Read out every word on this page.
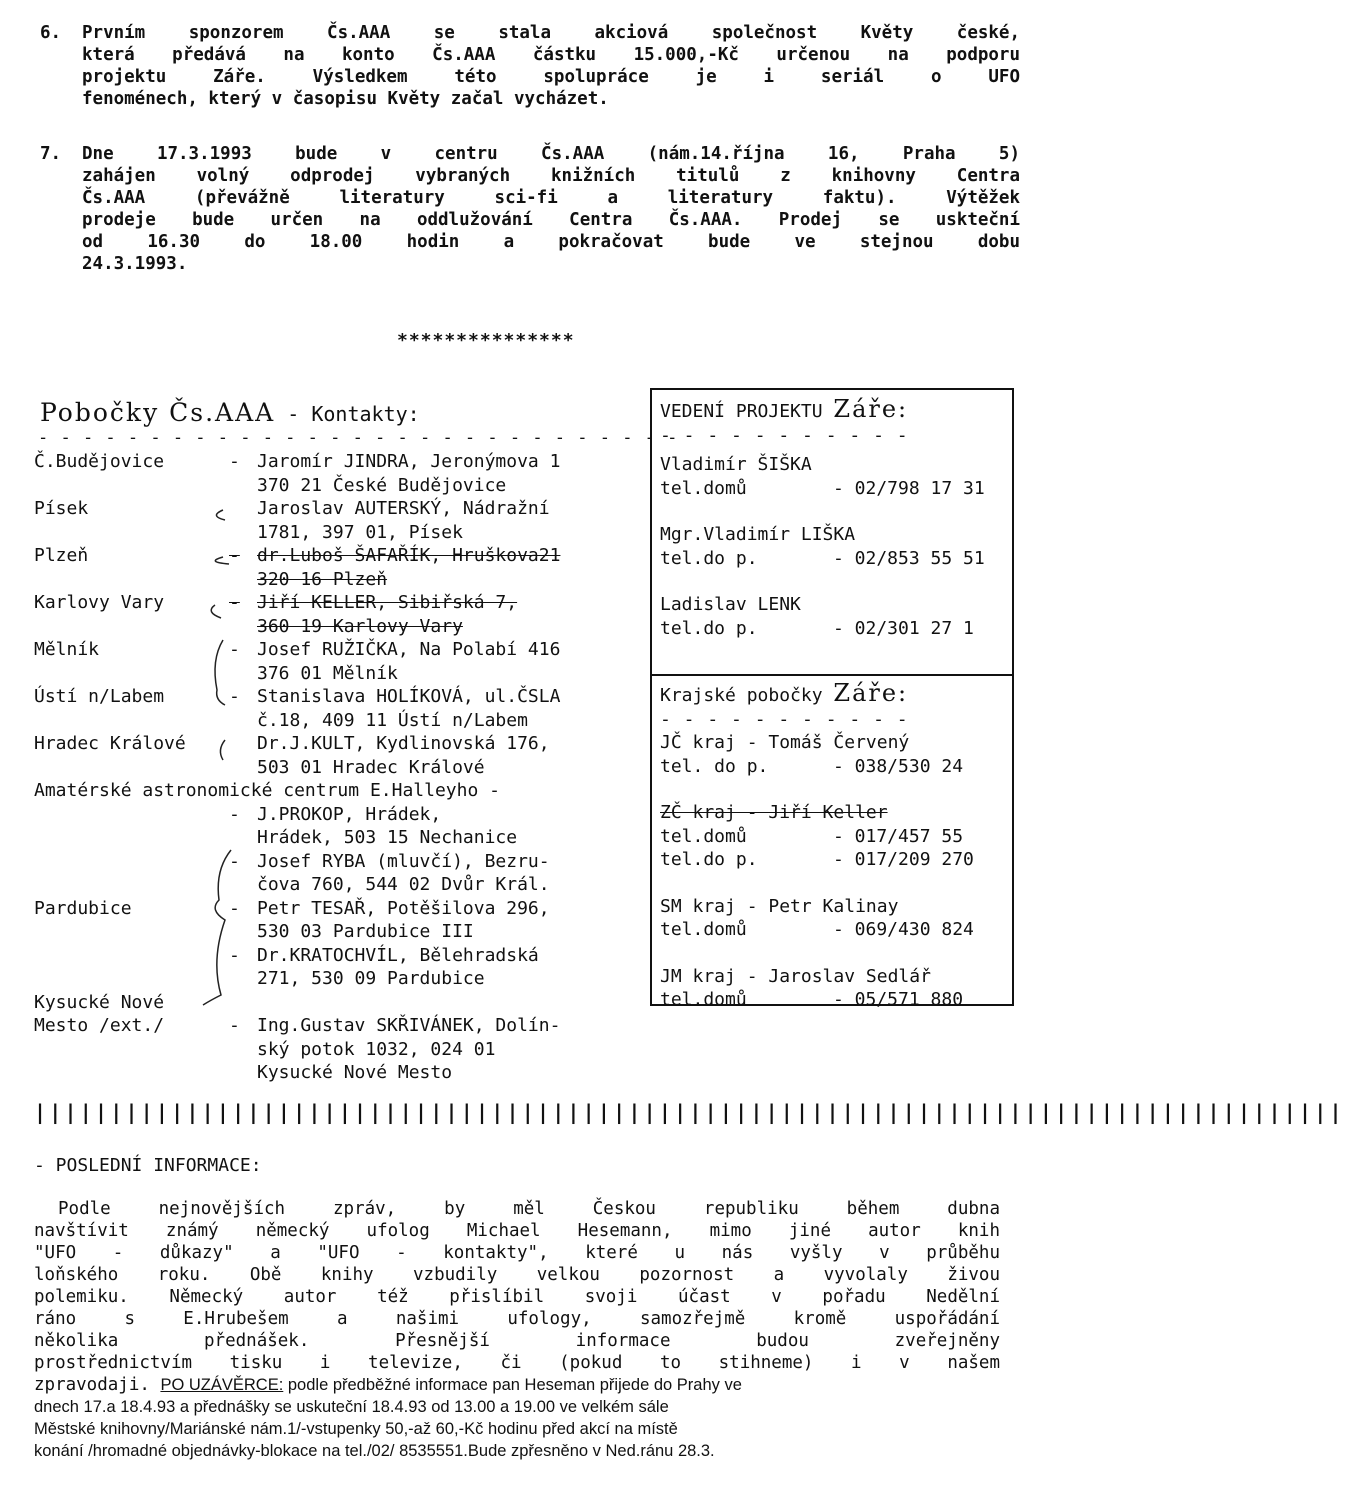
6.	Prvním sponzorem Čs.AAA se stala akciová společnost Květy české,
která předává na konto Čs.AAA částku 15.000,-Kč určenou na podporu
projektu Záře. Výsledkem této spolupráce je i seriál o UFO
fenoménech, který v časopisu Květy začal vycházet.
7.	Dne 17.3.1993 bude v centru Čs.AAA (nám.14.října 16, Praha 5)
zahájen volný odprodej vybraných knižních titulů z knihovny Centra
Čs.AAA (převážně literatury sci-fi a literatury faktu). Výtěžek
prodeje bude určen na oddlužování Centra Čs.AAA. Prodej se uskteční
od 16.30 do 18.00 hodin a pokračovat bude ve stejnou dobu
24.3.1993.
***************
Pobočky Čs.AAA - Kontakty:
- - - - - - - - - - - - - - - - - - - - - - - - - - - - -
Č.Budějovice	- Jaromír JINDRA, Jeronýmova 1
370 21 České Budějovice
Písek	Jaroslav AUTERSKÝ, Nádražní
1781, 397 01, Písek
Plzeň	- dr.Luboš ŠAFAŘÍK, Hruškova21
320 16 Plzeň
Karlovy Vary	- Jiří KELLER, Sibiřská 7,
360 19 Karlovy Vary
Mělník	- Josef RUŽIČKA, Na Polabí 416
376 01 Mělník
Ústí n/Labem	- Stanislava HOLÍKOVÁ, ul.ČSLA
č.18, 409 11 Ústí n/Labem
Hradec Králové	Dr.J.KULT, Kydlinovská 176,
503 01 Hradec Králové
Amatérské astronomické centrum E.Halleyho -
- J.PROKOP, Hrádek,
Hrádek, 503 15 Nechanice
- Josef RYBA (mluvčí), Bezru-
čova 760, 544 02 Dvůr Král.
Pardubice	- Petr TESAŘ, Potěšilova 296,
530 03 Pardubice III
- Dr.KRATOCHVÍL, Bělehradská
271, 530 09 Pardubice
Kysucké Nové
Mesto /ext./	- Ing.Gustav SKŘIVÁNEK, Dolín-
ský potok 1032, 024 01
Kysucké Nové Mesto
VEDENÍ PROJEKTU Záře:
- - - - - - - - - - -
Vladimír ŠIŠKA
tel.domů	- 02/798 17 31
Mgr.Vladimír LIŠKA
tel.do p.	- 02/853 55 51
Ladislav LENK
tel.do p.	- 02/301 27 1
Krajské pobočky Záře:
- - - - - - - - - - -
JČ kraj - Tomáš Červený
tel. do p.	- 038/530 24
ZČ kraj - Jiří Keller
tel.domů	- 017/457 55
tel.do p.	- 017/209 270
SM kraj - Petr Kalinay
tel.domů	- 069/430 824
JM kraj - Jaroslav Sedlář
tel.domů	- 05/571 880
||||||||||||||||||||||||||||||||||||||||||||||||||||||||||||||||||||||||||||||||||||||
- POSLEDNÍ INFORMACE:
Podle nejnovějších zpráv, by měl Českou republiku během dubna
navštívit známý německý ufolog Michael Hesemann, mimo jiné autor knih
"UFO - důkazy" a "UFO - kontakty", které u nás vyšly v průběhu
loňského roku. Obě knihy vzbudily velkou pozornost a vyvolaly živou
polemiku. Německý autor též přislíbil svoji účast v pořadu Nedělní
ráno s E.Hrubešem a našimi ufology, samozřejmě kromě uspořádání
několika přednášek. Přesnější informace budou zveřejněny
prostřednictvím tisku i televize, či (pokud to stihneme) i v našem
zpravodaji. PO UZÁVĚRCE: podle předběžné informace pan Heseman přijede do Prahy ve
dnech 17.a 18.4.93 a přednášky se uskuteční 18.4.93 od 13.00 a 19.00 ve velkém sále
Městské knihovny/Mariánské nám.1/-vstupenky 50,-až 60,-Kč hodinu před akcí na místě
konání /hromadné objednávky-blokace na tel./02/ 8535551.Bude zpřesněno v Ned.ránu 28.3.
